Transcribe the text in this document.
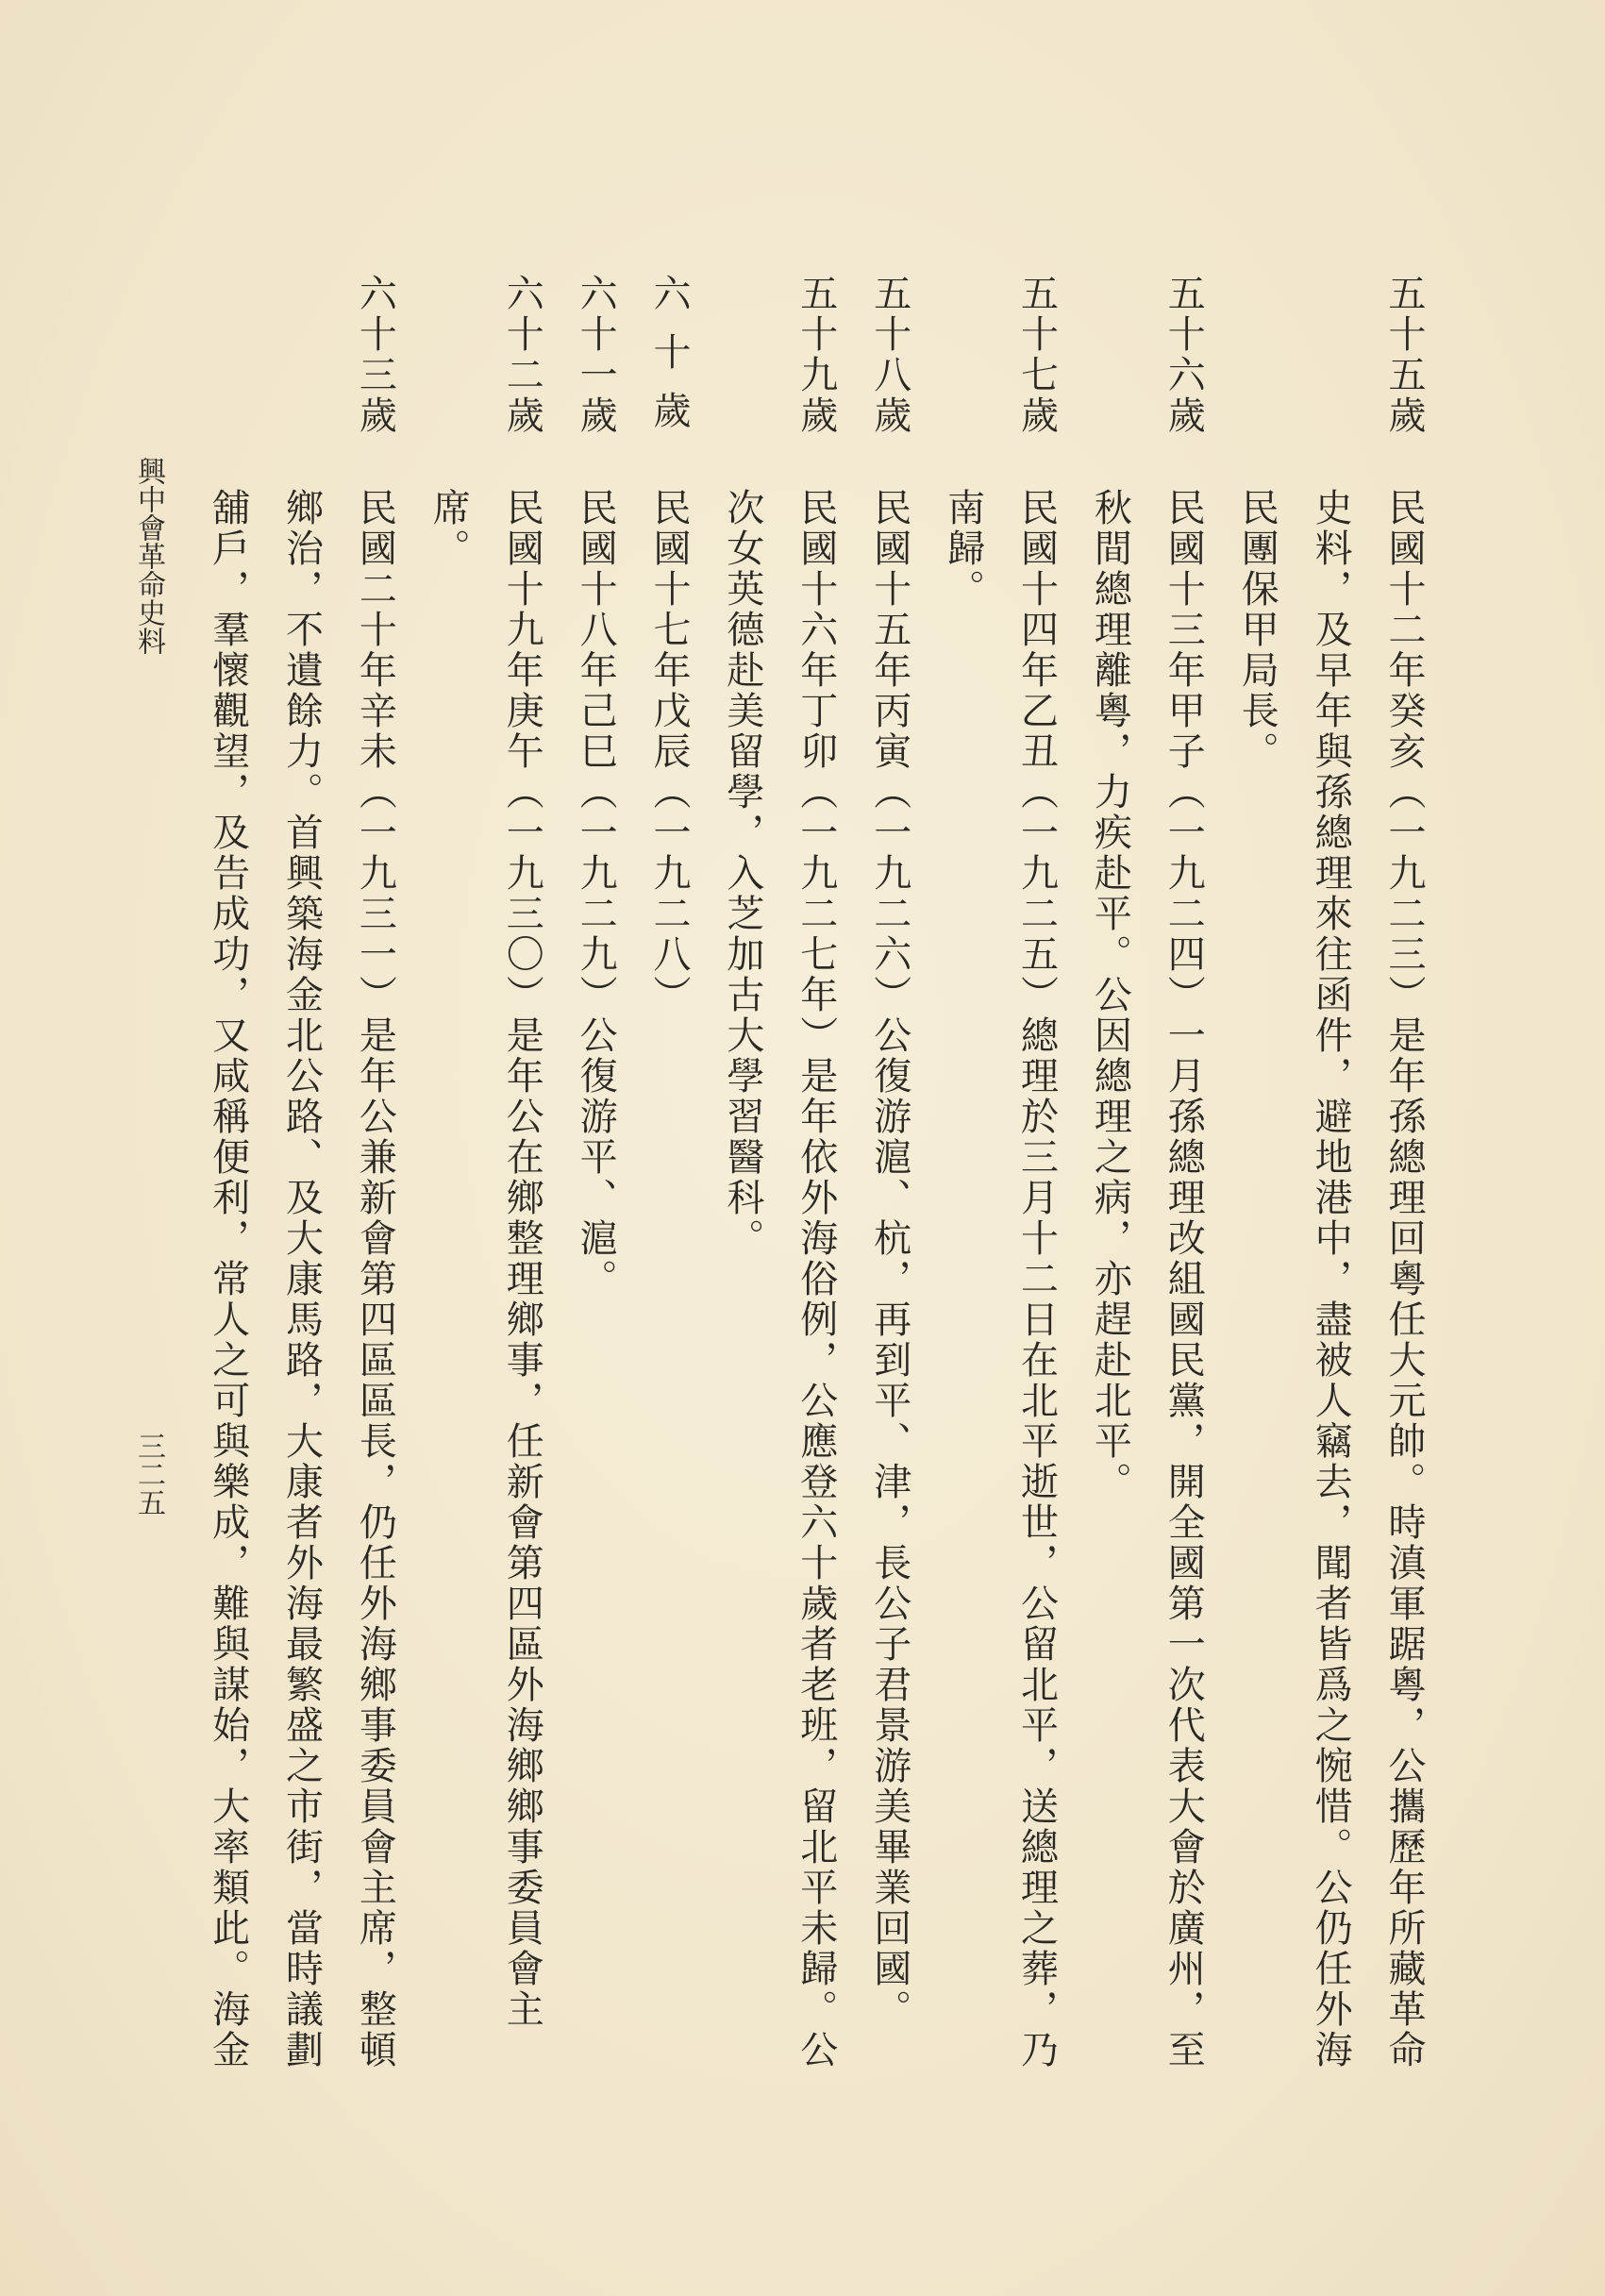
五十五歲
民國十二年癸亥（一九二三）是年孫總理回粵任大元帥。時滇軍踞粵，公攜歷年所藏革命
史料，及早年與孫總理來往函件，避地港中，盡被人竊去，聞者皆爲之惋惜。公仍任外海
民團保甲局長。
五十六歲
民國十三年甲子（一九二四）一月孫總理改組國民黨，開全國第一次代表大會於廣州，至
秋間總理離粵，力疾赴平。公因總理之病，亦趕赴北平。
五十七歲
民國十四年乙丑（一九二五）總理於三月十二日在北平逝世，公留北平，送總理之葬，乃
南歸。
五十八歲
民國十五年丙寅（一九二六）公復游滬、杭，再到平、津，長公子君景游美畢業回國。
五十九歲
民國十六年丁卯（一九二七年）是年依外海俗例，公應登六十歲者老班，留北平未歸。公
次女英德赴美留學，入芝加古大學習醫科。
六十歲
民國十七年戊辰（一九二八）
六十一歲
民國十八年己巳（一九二九）公復游平、滬。
六十二歲
民國十九年庚午（一九三〇）是年公在鄉整理鄉事，任新會第四區外海鄉鄉事委員會主
席。
六十三歲
民國二十年辛未（一九三一）是年公兼新會第四區區長，仍任外海鄉事委員會主席，整頓
鄉治，不遺餘力。首興築海金北公路、及大康馬路，大康者外海最繁盛之市街，當時議劃
舖戶，羣懷觀望，及告成功，又咸稱便利，常人之可與樂成，難與謀始，大率類此。海金
興中會革命史料
三二五
